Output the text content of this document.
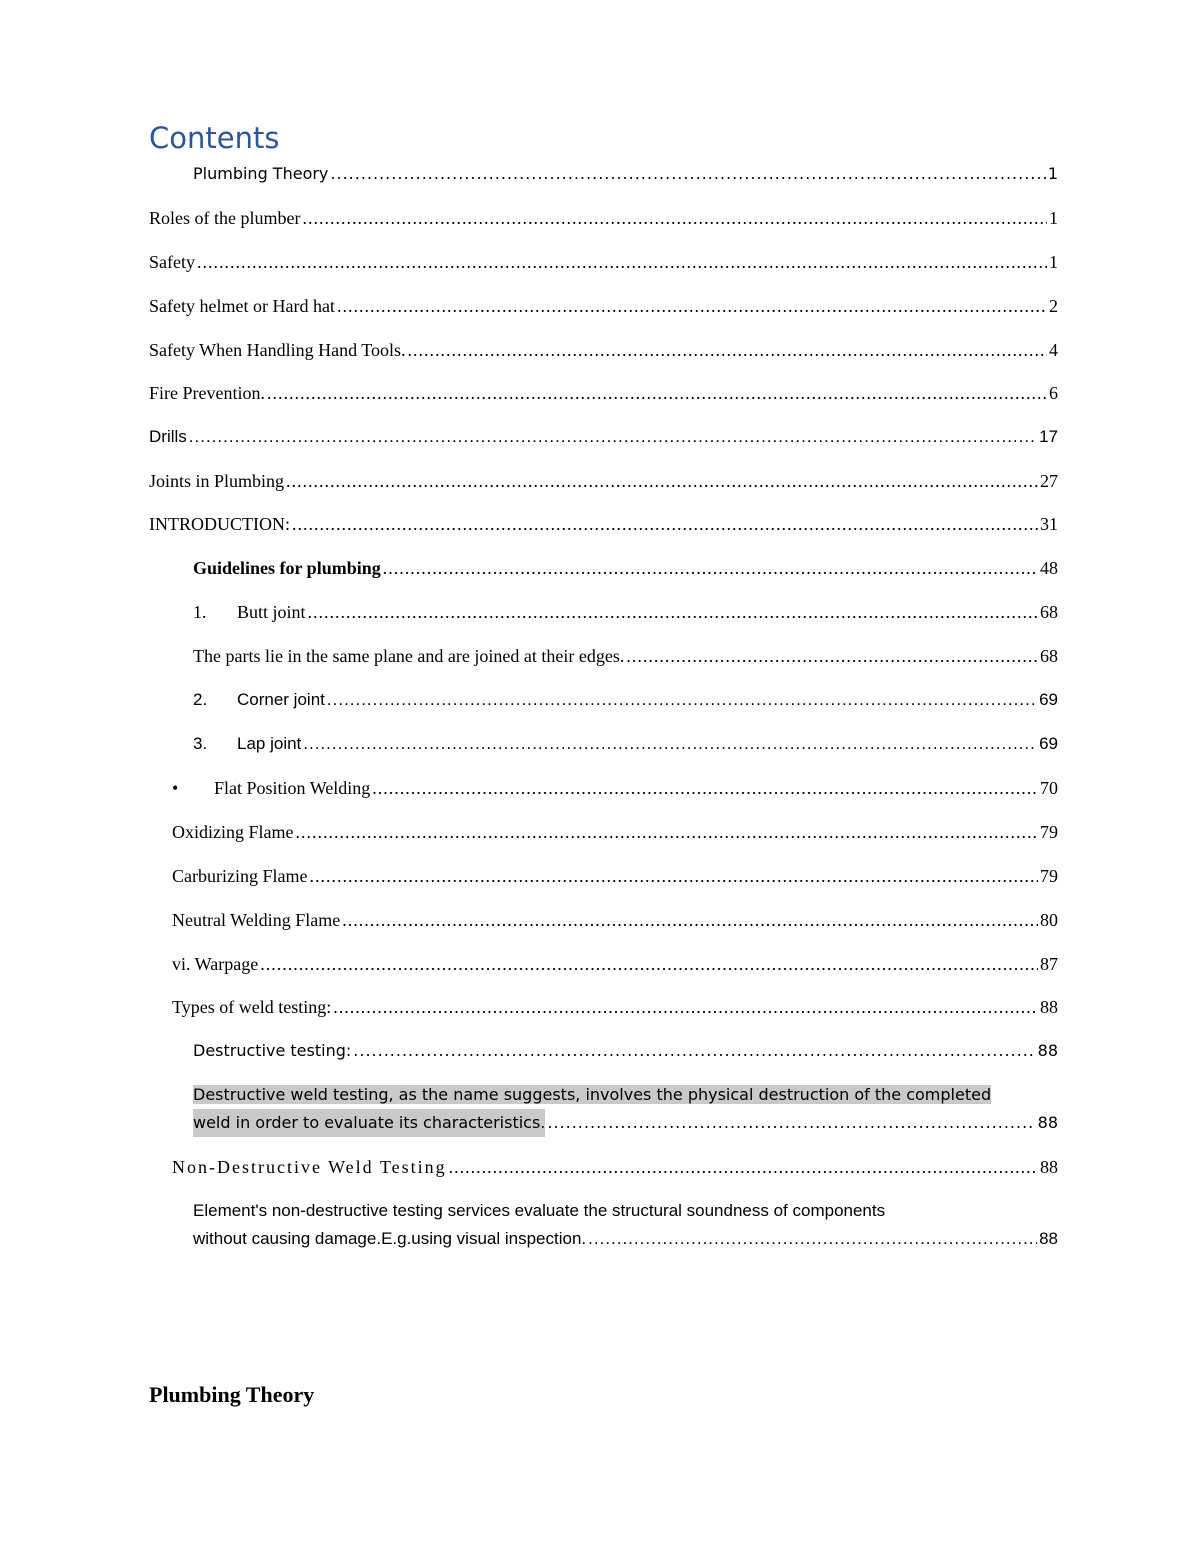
Contents
Plumbing Theory .....	1
Roles of the plumber .....	1
Safety .....	1
Safety helmet or Hard hat .....	2
Safety When Handling Hand Tools. .....	4
Fire Prevention. .....	6
Drills .....	17
Joints in Plumbing .....	27
INTRODUCTION: .....	31
Guidelines for plumbing .....	48
1.	Butt joint .....	68
The parts lie in the same plane and are joined at their edges. .....	68
2.	Corner joint .....	69
3.	Lap joint .....	69
•	Flat Position Welding .....	70
Oxidizing Flame .....	79
Carburizing Flame .....	79
Neutral Welding Flame .....	80
vi. Warpage .....	87
Types of weld testing: .....	88
Destructive testing: .....	88
Destructive weld testing, as the name suggests, involves the physical destruction of the completed
weld in order to evaluate its characteristics. .....	88
Non-Destructive Weld Testing .....	88
Element's non-destructive testing services evaluate the structural soundness of components
without causing damage.E.g.using visual inspection. .....	88
Plumbing Theory
